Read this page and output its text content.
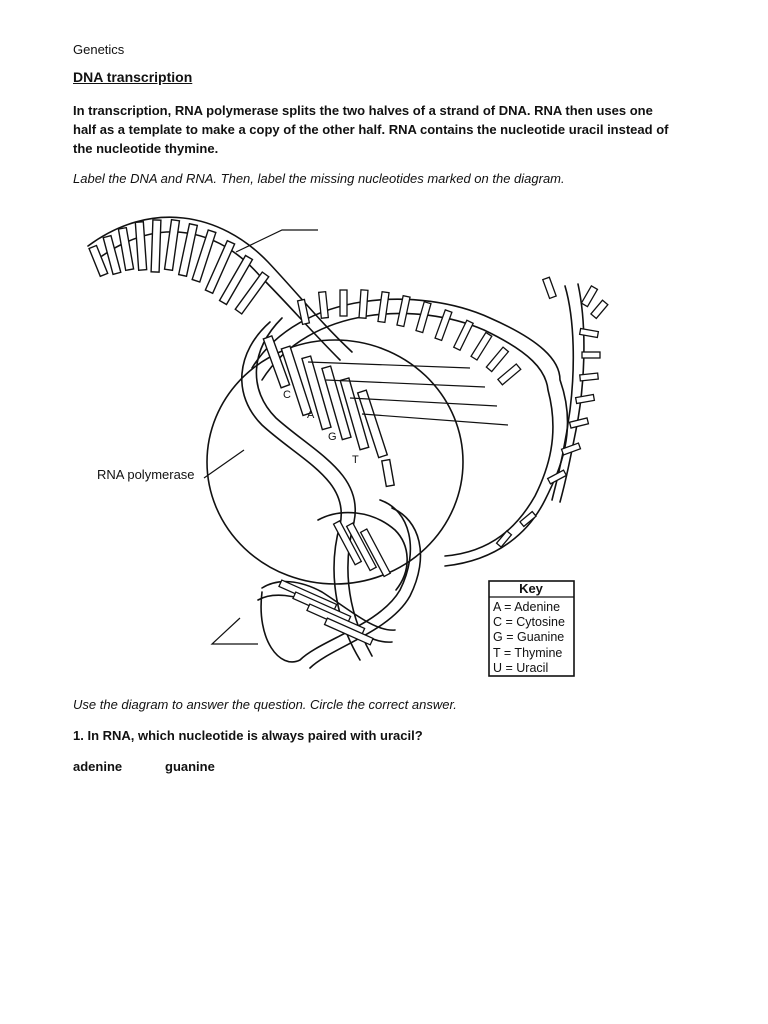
Genetics

DNA transcription

In transcription, RNA polymerase splits the two halves of a strand of DNA. RNA then uses one half as a template to make a copy of the other half. RNA contains the nucleotide uracil instead of the nucleotide thymine.

Label the DNA and RNA. Then, label the missing nucleotides marked on the diagram.

RNA polymerase
C
A
G
T
Key
A = Adenine
C = Cytosine
G = Guanine
T = Thymine
U = Uracil

Use the diagram to answer the question. Circle the correct answer.

1. In RNA, which nucleotide is always paired with uracil?

adenine	guanine
